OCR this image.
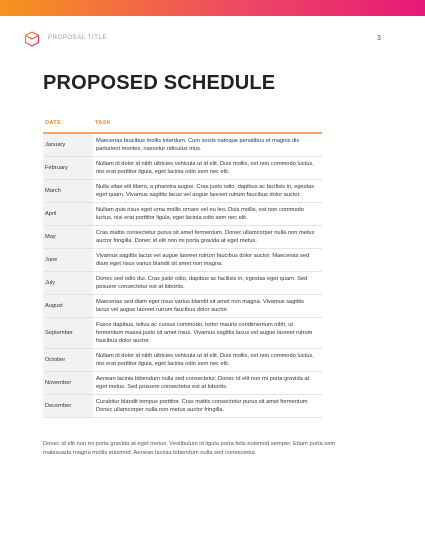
PROPOSAL TITLE	3
PROPOSED SCHEDULE
DATE	TASK
January
Maecenas faucibus mollis interdum. Cum sociis natoque penatibus et magnis dis parturient montes, nascetur ridiculus mus.
February
Nullam id dolor id nibh ultricies vehicula ut id elit. Duis mollis, est non commodo luctus, nisi erat porttitor ligula, eget lacinia odio sem nec elit.
March
Nulla vitae elit libero, a pharetra augue. Cras justo odio, dapibus ac facilisis in, egestas eget quam. Vivamus sagittis lacus vel augue laoreet rutrum faucibus dolor auctor.
April
Nullam quis risus eget urna mollis ornare vel eu leo. Duis mollis, est non commodo luctus, nisi erat porttitor ligula, eget lacinia odio sem nec elit.
May
Cras mattis consectetur purus sit amet fermentum. Donec ullamcorper nulla non metus auctor fringilla. Donec id elit non mi porta gravida at eget metus.
June
Vivamus sagittis lacus vel augue laoreet rutrum faucibus dolor auctor. Maecenas sed diam eget risus varius blandit sit amet non magna.
July
Donec sed odio dui. Cras justo odio, dapibus ac facilisis in, egestas eget quam. Sed posuere consectetur est at lobortis.
August
Maecenas sed diam eget risus varius blandit sit amet non magna. Vivamus sagittis lacus vel augue laoreet rutrum faucibus dolor auctor.
September
Fusce dapibus, tellus ac cursus commodo, tortor mauris condimentum nibh, ut fermentum massa justo sit amet risus. Vivamus sagittis lacus vel augue laoreet rutrum faucibus dolor auctor.
October
Nullam id dolor id nibh ultricies vehicula ut id elit. Duis mollis, est non commodo luctus, nisi erat porttitor ligula, eget lacinia odio sem nec elit.
November
Aenean lacinia bibendum nulla sed consectetur. Donec id elit non mi porta gravida at eget metus. Sed posuere consectetur est at lobortis.
December
Curabitur blandit tempus porttitor. Cras mattis consectetur purus sit amet fermentum Donec ullamcorper nulla non metus auctor fringilla.
Donec id elit non mi porta gravida at eget metus. Vestibulum id ligula porta felis euismod semper. Etiam porta sem malesuada magna mollis euismod. Aenean lacinia bibendum nulla sed consectetur.
